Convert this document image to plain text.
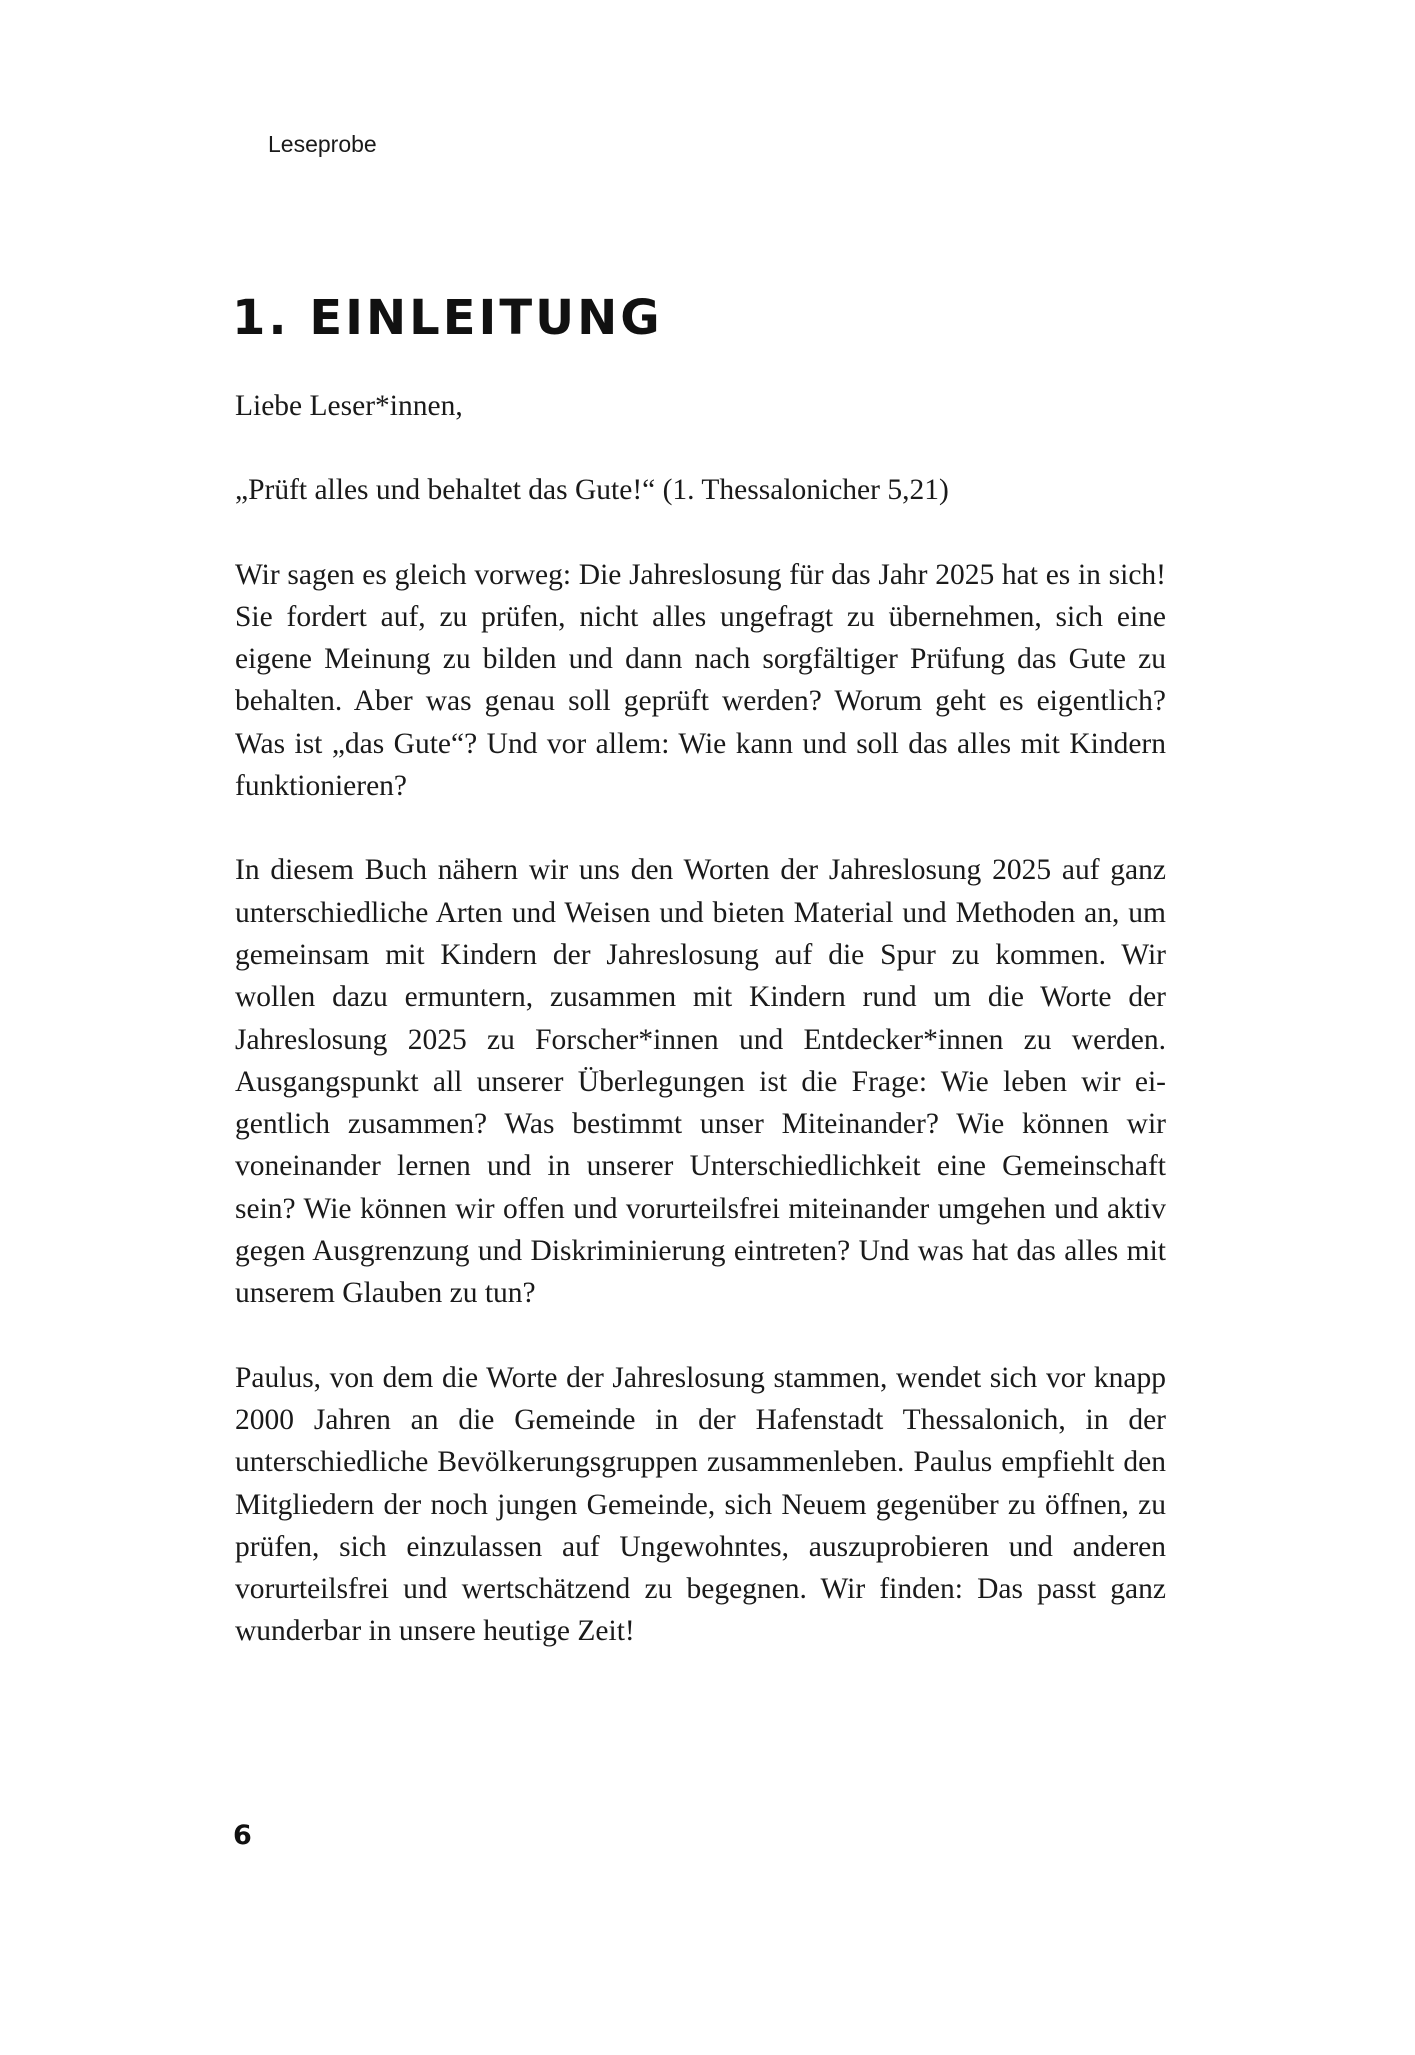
Leseprobe
1. EINLEITUNG

Liebe Leser*innen,

„Prüft alles und behaltet das Gute!“ (1. Thessalonicher 5,21)

Wir sagen es gleich vorweg: Die Jahreslosung für das Jahr 2025 hat es in sich! Sie fordert auf, zu prüfen, nicht alles ungefragt zu übernehmen, sich eine eigene Meinung zu bilden und dann nach sorgfältiger Prüfung das Gute zu behalten. Aber was genau soll geprüft werden? Worum geht es eigentlich? Was ist „das Gute“? Und vor allem: Wie kann und soll das alles mit Kindern funktionieren?

In diesem Buch nähern wir uns den Worten der Jahreslosung 2025 auf ganz unterschiedliche Arten und Weisen und bieten Material und Methoden an, um gemeinsam mit Kindern der Jahreslosung auf die Spur zu kommen. Wir wollen dazu ermuntern, zusammen mit Kindern rund um die Worte der Jahreslosung 2025 zu Forscher*innen und Entdecker*innen zu werden. Ausgangspunkt all unserer Überlegungen ist die Frage: Wie leben wir eigentlich zusammen? Was bestimmt unser Miteinander? Wie können wir voneinander lernen und in unserer Unterschiedlichkeit eine Gemeinschaft sein? Wie können wir offen und vorurteilsfrei miteinander umgehen und aktiv gegen Ausgrenzung und Diskriminierung eintreten? Und was hat das alles mit unserem Glauben zu tun?

Paulus, von dem die Worte der Jahreslosung stammen, wendet sich vor knapp 2000 Jahren an die Gemeinde in der Hafenstadt Thessalonich, in der unterschiedliche Bevölkerungsgruppen zusammenleben. Paulus empfiehlt den Mitgliedern der noch jungen Gemeinde, sich Neuem gegenüber zu öffnen, zu prüfen, sich einzulassen auf Ungewohntes, auszuprobieren und anderen vorurteilsfrei und wertschätzend zu begegnen. Wir finden: Das passt ganz wunderbar in unsere heutige Zeit!

6
